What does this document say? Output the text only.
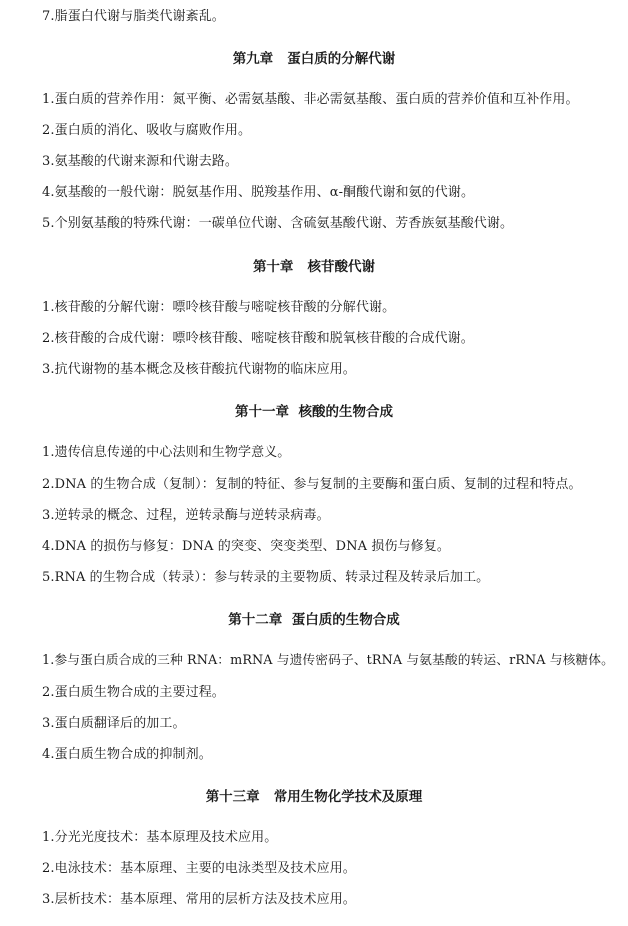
7.脂蛋白代谢与脂类代谢紊乱。
第九章   蛋白质的分解代谢
1.蛋白质的营养作用：氮平衡、必需氨基酸、非必需氨基酸、蛋白质的营养价值和互补作用。
2.蛋白质的消化、吸收与腐败作用。
3.氨基酸的代谢来源和代谢去路。
4.氨基酸的一般代谢：脱氨基作用、脱羧基作用、α-酮酸代谢和氨的代谢。
5.个别氨基酸的特殊代谢：一碳单位代谢、含硫氨基酸代谢、芳香族氨基酸代谢。
第十章   核苷酸代谢
1.核苷酸的分解代谢：嘌呤核苷酸与嘧啶核苷酸的分解代谢。
2.核苷酸的合成代谢：嘌呤核苷酸、嘧啶核苷酸和脱氧核苷酸的合成代谢。
3.抗代谢物的基本概念及核苷酸抗代谢物的临床应用。
第十一章  核酸的生物合成
1.遗传信息传递的中心法则和生物学意义。
2.DNA 的生物合成（复制）：复制的特征、参与复制的主要酶和蛋白质、复制的过程和特点。
3.逆转录的概念、过程，逆转录酶与逆转录病毒。
4.DNA 的损伤与修复：DNA 的突变、突变类型、DNA 损伤与修复。
5.RNA 的生物合成（转录）：参与转录的主要物质、转录过程及转录后加工。
第十二章  蛋白质的生物合成
1.参与蛋白质合成的三种 RNA：mRNA 与遗传密码子、tRNA 与氨基酸的转运、rRNA 与核糖体。
2.蛋白质生物合成的主要过程。
3.蛋白质翻译后的加工。
4.蛋白质生物合成的抑制剂。
第十三章   常用生物化学技术及原理
1.分光光度技术：基本原理及技术应用。
2.电泳技术：基本原理、主要的电泳类型及技术应用。
3.层析技术：基本原理、常用的层析方法及技术应用。
